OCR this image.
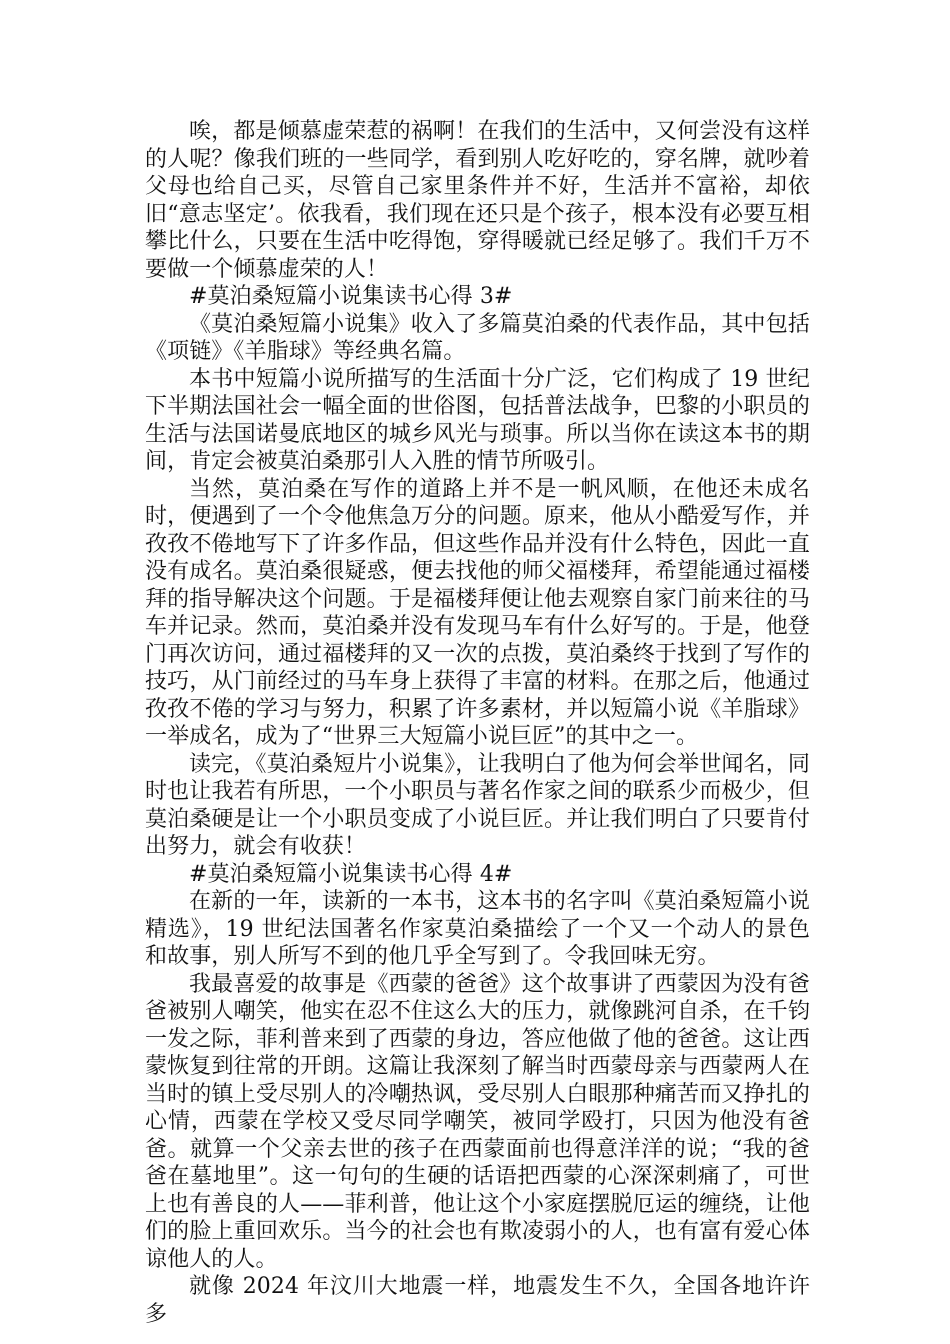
唉，都是倾慕虚荣惹的祸啊！在我们的生活中，又何尝没有这样的人呢？像我们班的一些同学，看到别人吃好吃的，穿名牌，就吵着父母也给自己买，尽管自己家里条件并不好，生活并不富裕，却依旧“意志坚定’。依我看，我们现在还只是个孩子，根本没有必要互相攀比什么，只要在生活中吃得饱，穿得暖就已经足够了。我们千万不要做一个倾慕虚荣的人！

#莫泊桑短篇小说集读书心得 3#

《莫泊桑短篇小说集》收入了多篇莫泊桑的代表作品，其中包括《项链》《羊脂球》等经典名篇。

本书中短篇小说所描写的生活面十分广泛，它们构成了 19 世纪下半期法国社会一幅全面的世俗图，包括普法战争，巴黎的小职员的生活与法国诺曼底地区的城乡风光与琐事。所以当你在读这本书的期间，肯定会被莫泊桑那引人入胜的情节所吸引。

当然，莫泊桑在写作的道路上并不是一帆风顺，在他还未成名时，便遇到了一个令他焦急万分的问题。原来，他从小酷爱写作，并孜孜不倦地写下了许多作品，但这些作品并没有什么特色，因此一直没有成名。莫泊桑很疑惑，便去找他的师父福楼拜，希望能通过福楼拜的指导解决这个问题。于是福楼拜便让他去观察自家门前来往的马车并记录。然而，莫泊桑并没有发现马车有什么好写的。于是，他登门再次访问，通过福楼拜的又一次的点拨，莫泊桑终于找到了写作的技巧，从门前经过的马车身上获得了丰富的材料。在那之后，他通过孜孜不倦的学习与努力，积累了许多素材，并以短篇小说《羊脂球》一举成名，成为了“世界三大短篇小说巨匠”的其中之一。

读完，《莫泊桑短片小说集》，让我明白了他为何会举世闻名，同时也让我若有所思，一个小职员与著名作家之间的联系少而极少，但莫泊桑硬是让一个小职员变成了小说巨匠。并让我们明白了只要肯付出努力，就会有收获！

#莫泊桑短篇小说集读书心得 4#

在新的一年，读新的一本书，这本书的名字叫《莫泊桑短篇小说精选》，19 世纪法国著名作家莫泊桑描绘了一个又一个动人的景色和故事，别人所写不到的他几乎全写到了。令我回味无穷。

我最喜爱的故事是《西蒙的爸爸》这个故事讲了西蒙因为没有爸爸被别人嘲笑，他实在忍不住这么大的压力，就像跳河自杀，在千钧一发之际，菲利普来到了西蒙的身边，答应他做了他的爸爸。这让西蒙恢复到往常的开朗。这篇让我深刻了解当时西蒙母亲与西蒙两人在当时的镇上受尽别人的冷嘲热讽，受尽别人白眼那种痛苦而又挣扎的心情，西蒙在学校又受尽同学嘲笑，被同学殴打，只因为他没有爸爸。就算一个父亲去世的孩子在西蒙面前也得意洋洋的说；“我的爸爸在墓地里”。这一句句的生硬的话语把西蒙的心深深刺痛了，可世上也有善良的人——菲利普，他让这个小家庭摆脱厄运的缠绕，让他们的脸上重回欢乐。当今的社会也有欺凌弱小的人，也有富有爱心体谅他人的人。

就像 2024 年汶川大地震一样，地震发生不久，全国各地许许多
